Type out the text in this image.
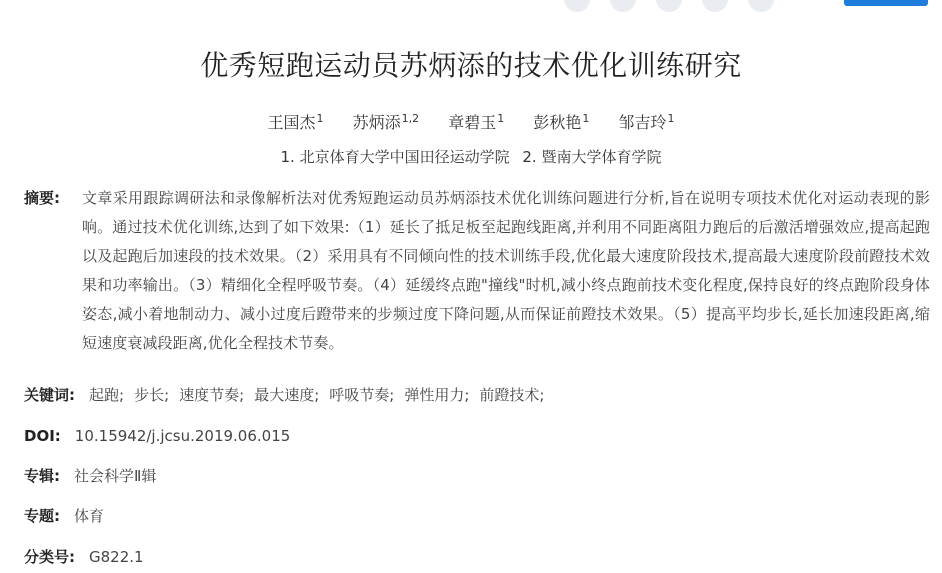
优秀短跑运动员苏炳添的技术优化训练研究
王国杰$^1$ 苏炳添$^{1,2}$ 章碧玉$^1$ 彭秋艳$^1$ 邹吉玲$^1$
1. 北京体育大学中国田径运动学院 2. 暨南大学体育学院
摘要:	文章采用跟踪调研法和录像解析法对优秀短跑运动员苏炳添技术优化训练问题进行分析,旨在说明专项技术优化对运动表现的影响。通过技术优化训练,达到了如下效果:（1）延长了抵足板至起跑线距离,并利用不同距离阻力跑后的后激活增强效应,提高起跑以及起跑后加速段的技术效果。（2）采用具有不同倾向性的技术训练手段,优化最大速度阶段技术,提高最大速度阶段前蹬技术效果和功率输出。（3）精细化全程呼吸节奏。（4）延缓终点跑"撞线"时机,减小终点跑前技术变化程度,保持良好的终点跑阶段身体姿态,减小着地制动力、减小过度后蹬带来的步频过度下降问题,从而保证前蹬技术效果。（5）提高平均步长,延长加速段距离,缩短速度衰减段距离,优化全程技术节奏。
关键词: 起跑; 步长; 速度节奏; 最大速度; 呼吸节奏; 弹性用力; 前蹬技术;
DOI: 10.15942/j.jcsu.2019.06.015
专辑: 社会科学Ⅱ辑
专题: 体育
分类号: G822.1
